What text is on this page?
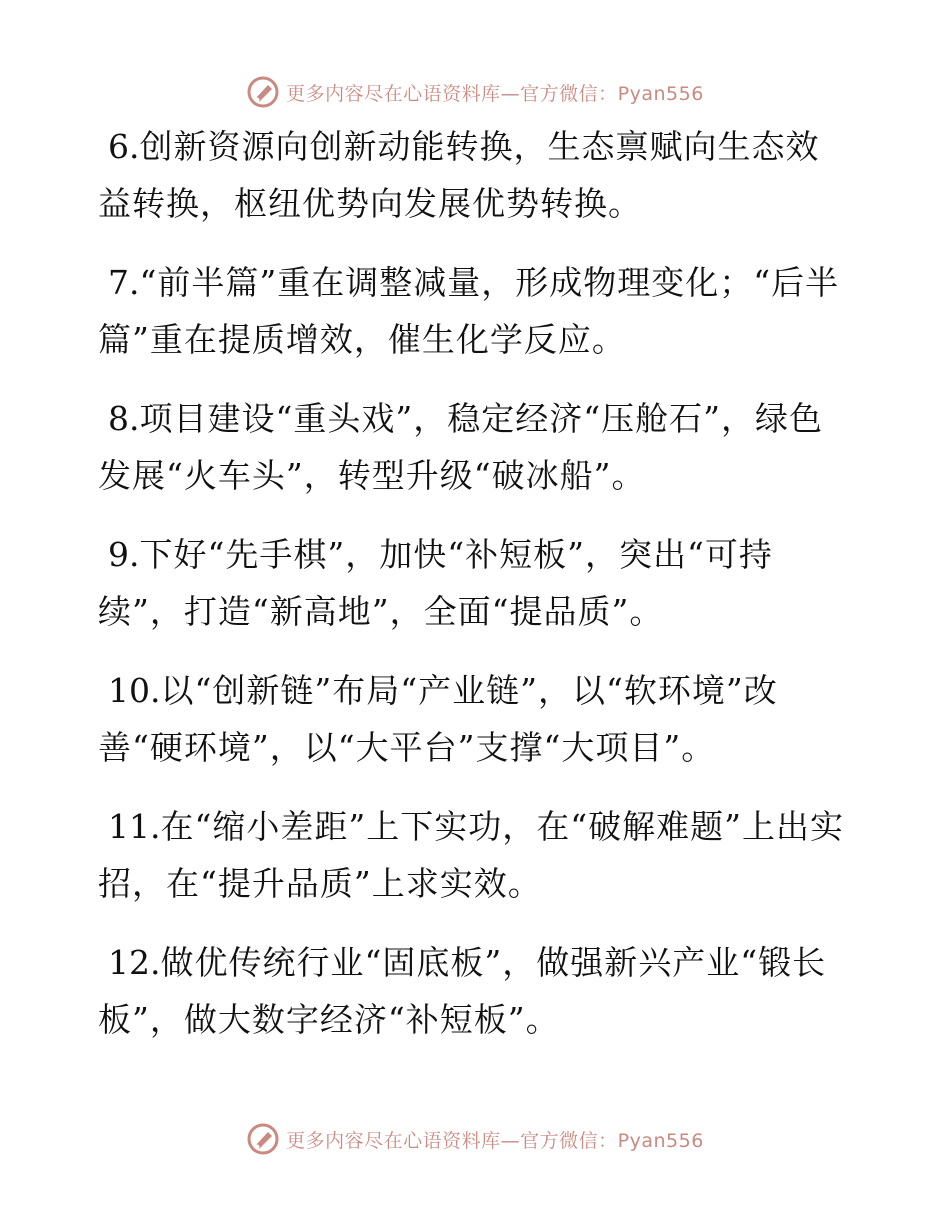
更多内容尽在心语资料库—官方微信：Pyan556

6.创新资源向创新动能转换，生态禀赋向生态效益转换，枢纽优势向发展优势转换。

7.“前半篇”重在调整减量，形成物理变化；“后半篇”重在提质增效，催生化学反应。

8.项目建设“重头戏”，稳定经济“压舱石”，绿色发展“火车头”，转型升级“破冰船”。

9.下好“先手棋”，加快“补短板”，突出“可持续”，打造“新高地”，全面“提品质”。

10.以“创新链”布局“产业链”，以“软环境”改善“硬环境”，以“大平台”支撑“大项目”。

11.在“缩小差距”上下实功，在“破解难题”上出实招，在“提升品质”上求实效。

12.做优传统行业“固底板”，做强新兴产业“锻长板”，做大数字经济“补短板”。

更多内容尽在心语资料库—官方微信：Pyan556
